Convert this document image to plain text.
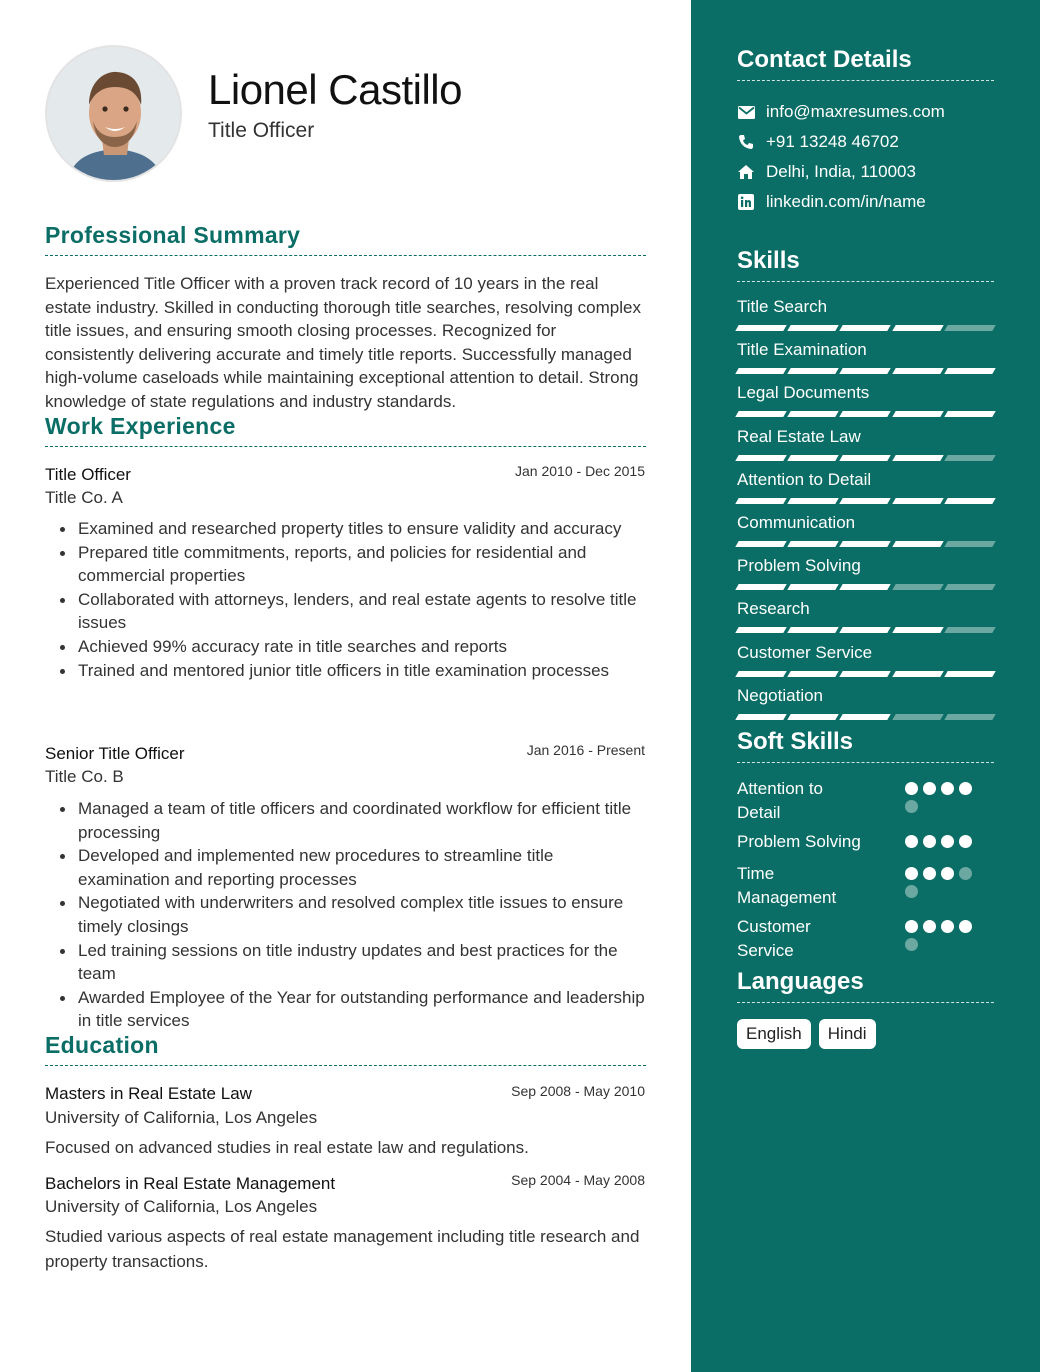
Lionel Castillo
Title Officer
Professional Summary
Experienced Title Officer with a proven track record of 10 years in the real estate industry. Skilled in conducting thorough title searches, resolving complex title issues, and ensuring smooth closing processes. Recognized for consistently delivering accurate and timely title reports. Successfully managed high-volume caseloads while maintaining exceptional attention to detail. Strong knowledge of state regulations and industry standards.
Work Experience
Title Officer	Jan 2010 - Dec 2015
Title Co. A
Examined and researched property titles to ensure validity and accuracy
Prepared title commitments, reports, and policies for residential and commercial properties
Collaborated with attorneys, lenders, and real estate agents to resolve title issues
Achieved 99% accuracy rate in title searches and reports
Trained and mentored junior title officers in title examination processes
Senior Title Officer	Jan 2016 - Present
Title Co. B
Managed a team of title officers and coordinated workflow for efficient title processing
Developed and implemented new procedures to streamline title examination and reporting processes
Negotiated with underwriters and resolved complex title issues to ensure timely closings
Led training sessions on title industry updates and best practices for the team
Awarded Employee of the Year for outstanding performance and leadership in title services
Education
Masters in Real Estate Law	Sep 2008 - May 2010
University of California, Los Angeles
Focused on advanced studies in real estate law and regulations.
Bachelors in Real Estate Management	Sep 2004 - May 2008
University of California, Los Angeles
Studied various aspects of real estate management including title research and property transactions.
Contact Details
info@maxresumes.com
+91 13248 46702
Delhi, India, 110003
linkedin.com/in/name
Skills
Title Search
Title Examination
Legal Documents
Real Estate Law
Attention to Detail
Communication
Problem Solving
Research
Customer Service
Negotiation
Soft Skills
Attention to Detail
Problem Solving
Time Management
Customer Service
Languages
English	Hindi
